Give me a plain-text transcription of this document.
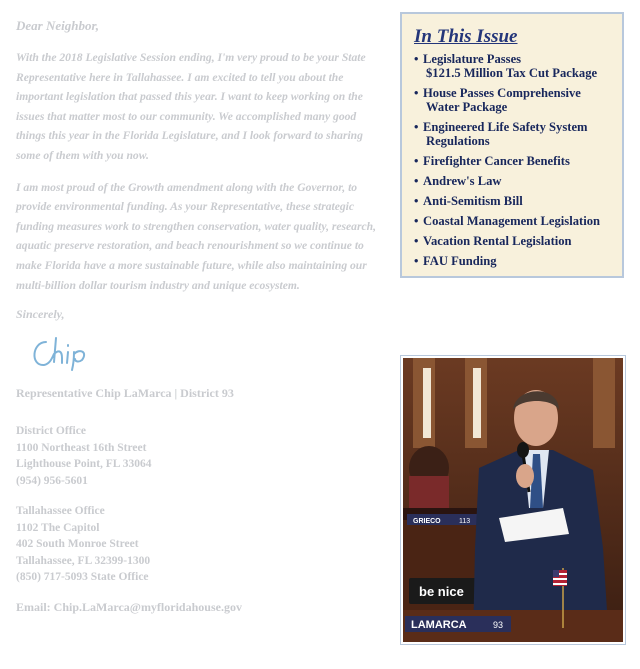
Dear Neighbor,

With the 2018 Legislative Session ending, I'm very proud to be your State Representative here in Tallahassee. I am excited to tell you about the important legislation that passed this year. I want to keep working on the issues that matter most to our community. We accomplished many good things this year in the Florida Legislature, and I look forward to sharing some of them with you now.

I am most proud of the Growth amendment along with the Governor, to provide environmental funding. As your Representative, these strategic funding measures work to strengthen conservation, water quality, research, aquatic preserve restoration, and beach renourishment so we continue to make Florida have a more sustainable future, while also maintaining our multi-billion dollar tourism industry and unique ecosystem.

Sincerely,
Representative Chip LaMarca | District 93
District Office
1100 Northeast 16th Street
Lighthouse Point, FL 33064
(954) 956-5601
Tallahassee Office
1102 The Capitol
402 South Monroe Street
Tallahassee, FL 32399-1300
(850) 717-5093 State Office
Email: Chip.LaMarca@myfloridahouse.gov
In This Issue
• Legislature Passes
$121.5 Million Tax Cut Package
• House Passes Comprehensive
Water Package
• Engineered Life Safety System
Regulations
• Firefighter Cancer Benefits
• Andrew's Law
• Anti-Semitism Bill
• Coastal Management Legislation
• Vacation Rental Legislation
• FAU Funding
GRIECO	113
be nice
LAMARCA	93
